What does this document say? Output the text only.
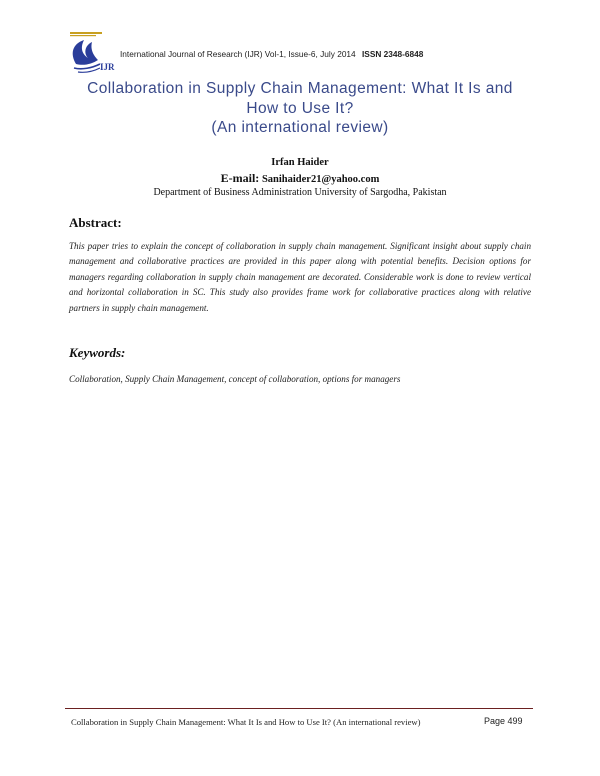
IJR
International Journal of Research (IJR) Vol-1, Issue-6, July 2014 ISSN 2348-6848
Collaboration in Supply Chain Management: What It Is and
How to Use It?
(An international review)
Irfan Haider
E-mail: Sanihaider21@yahoo.com
Department of Business Administration University of Sargodha, Pakistan
Abstract:
This paper tries to explain the concept of collaboration in supply chain management. Significant insight about supply chain management and collaborative practices are provided in this paper along with potential benefits. Decision options for managers regarding collaboration in supply chain management are decorated. Considerable work is done to review vertical and horizontal collaboration in SC. This study also provides frame work for collaborative practices along with relative partners in supply chain management.
Keywords:
Collaboration, Supply Chain Management, concept of collaboration, options for managers
Collaboration in Supply Chain Management: What It Is and How to Use It? (An international review)	Page 499
